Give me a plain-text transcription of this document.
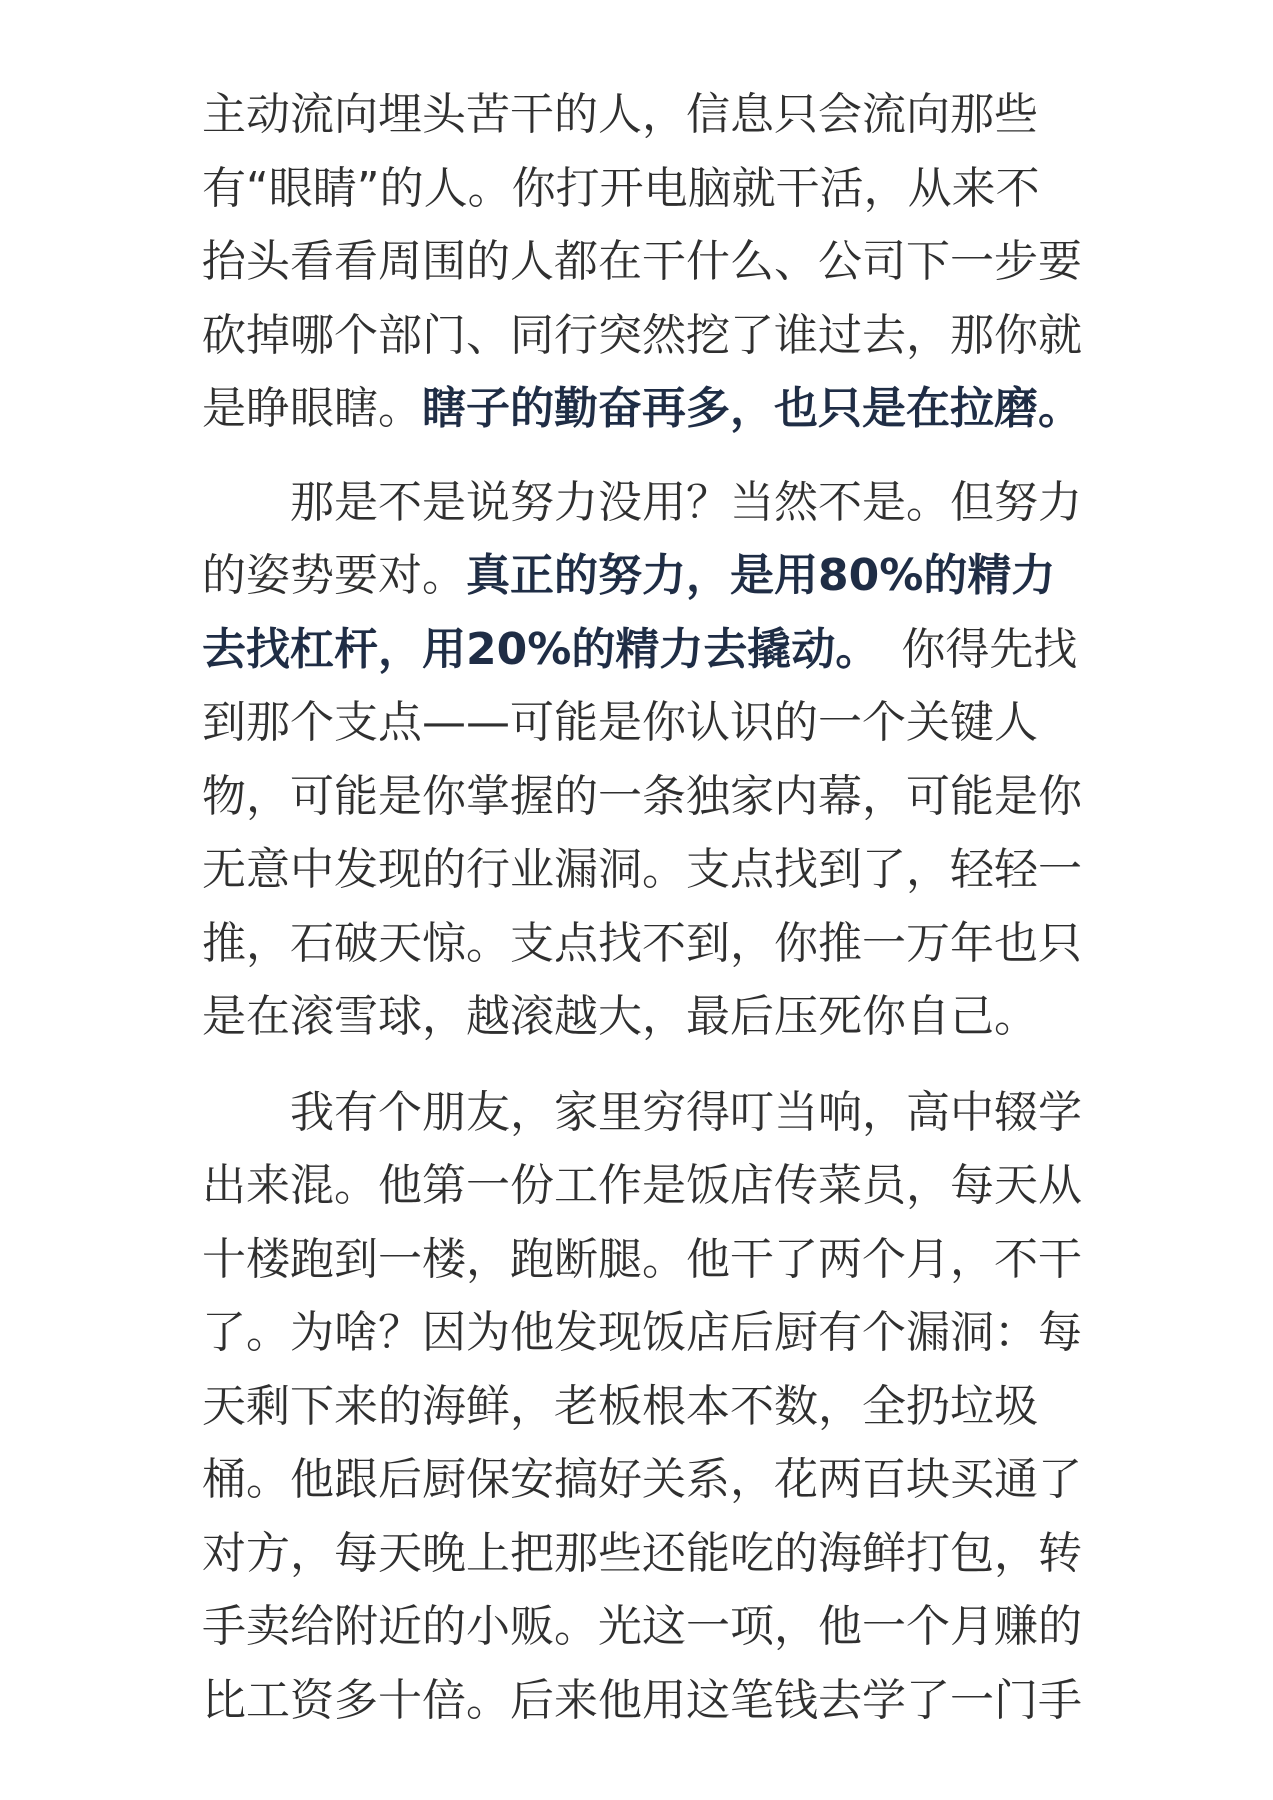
主动流向埋头苦干的人，信息只会流向那些
有“眼睛”的人。你打开电脑就干活，从来不
抬头看看周围的人都在干什么、公司下一步要
砍掉哪个部门、同行突然挖了谁过去，那你就
是睁眼瞎。瞎子的勤奋再多，也只是在拉磨。
那是不是说努力没用？当然不是。但努力
的姿势要对。真正的努力，是用80%的精力
去找杠杆，用20%的精力去撬动。　你得先找
到那个支点——可能是你认识的一个关键人
物，可能是你掌握的一条独家内幕，可能是你
无意中发现的行业漏洞。支点找到了，轻轻一
推，石破天惊。支点找不到，你推一万年也只
是在滚雪球，越滚越大，最后压死你自己。
我有个朋友，家里穷得叮当响，高中辍学
出来混。他第一份工作是饭店传菜员，每天从
十楼跑到一楼，跑断腿。他干了两个月，不干
了。为啥？因为他发现饭店后厨有个漏洞：每
天剩下来的海鲜，老板根本不数，全扔垃圾
桶。他跟后厨保安搞好关系，花两百块买通了
对方，每天晚上把那些还能吃的海鲜打包，转
手卖给附近的小贩。光这一项，他一个月赚的
比工资多十倍。后来他用这笔钱去学了一门手
